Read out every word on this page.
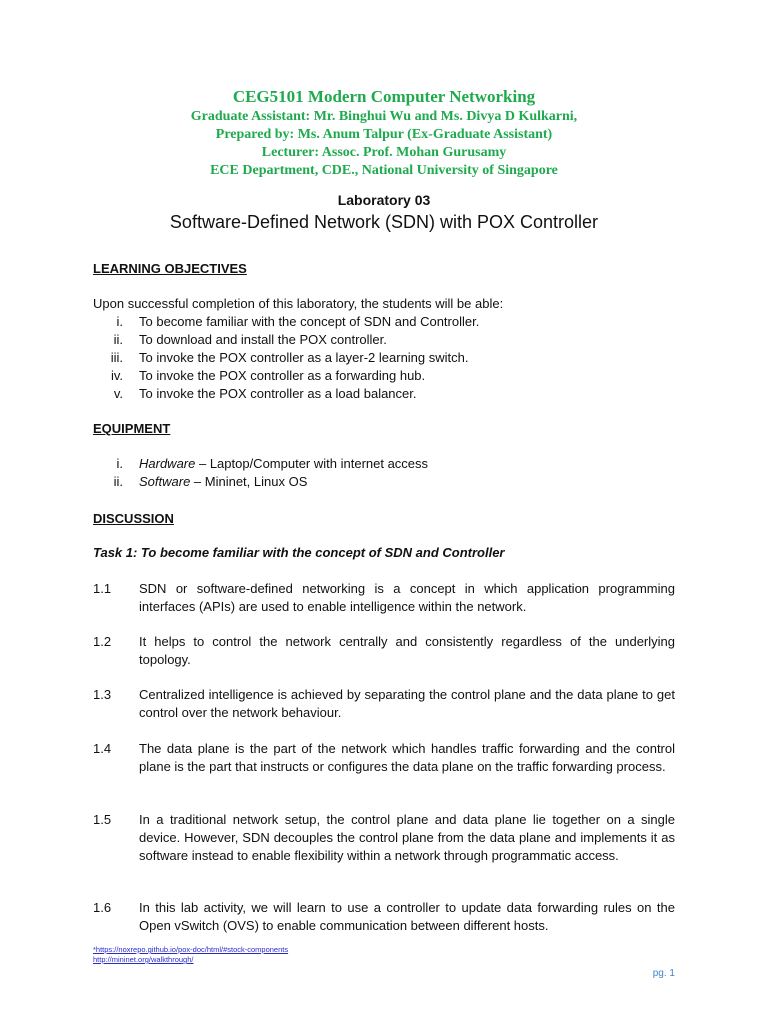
CEG5101 Modern Computer Networking
Graduate Assistant: Mr. Binghui Wu and Ms. Divya D Kulkarni,
Prepared by: Ms. Anum Talpur (Ex-Graduate Assistant)
Lecturer: Assoc. Prof. Mohan Gurusamy
ECE Department, CDE., National University of Singapore
Laboratory 03
Software-Defined Network (SDN) with POX Controller
LEARNING OBJECTIVES
Upon successful completion of this laboratory, the students will be able:
i. To become familiar with the concept of SDN and Controller.
ii. To download and install the POX controller.
iii. To invoke the POX controller as a layer-2 learning switch.
iv. To invoke the POX controller as a forwarding hub.
v. To invoke the POX controller as a load balancer.
EQUIPMENT
i. Hardware – Laptop/Computer with internet access
ii. Software – Mininet, Linux OS
DISCUSSION
Task 1: To become familiar with the concept of SDN and Controller
1.1 SDN or software-defined networking is a concept in which application programming interfaces (APIs) are used to enable intelligence within the network.
1.2 It helps to control the network centrally and consistently regardless of the underlying topology.
1.3 Centralized intelligence is achieved by separating the control plane and the data plane to get control over the network behaviour.
1.4 The data plane is the part of the network which handles traffic forwarding and the control plane is the part that instructs or configures the data plane on the traffic forwarding process.
1.5 In a traditional network setup, the control plane and data plane lie together on a single device. However, SDN decouples the control plane from the data plane and implements it as software instead to enable flexibility within a network through programmatic access.
1.6 In this lab activity, we will learn to use a controller to update data forwarding rules on the Open vSwitch (OVS) to enable communication between different hosts.
*https://noxrepo.github.io/pox-doc/html/#stock-components
http://mininet.org/walkthrough/
pg. 1
